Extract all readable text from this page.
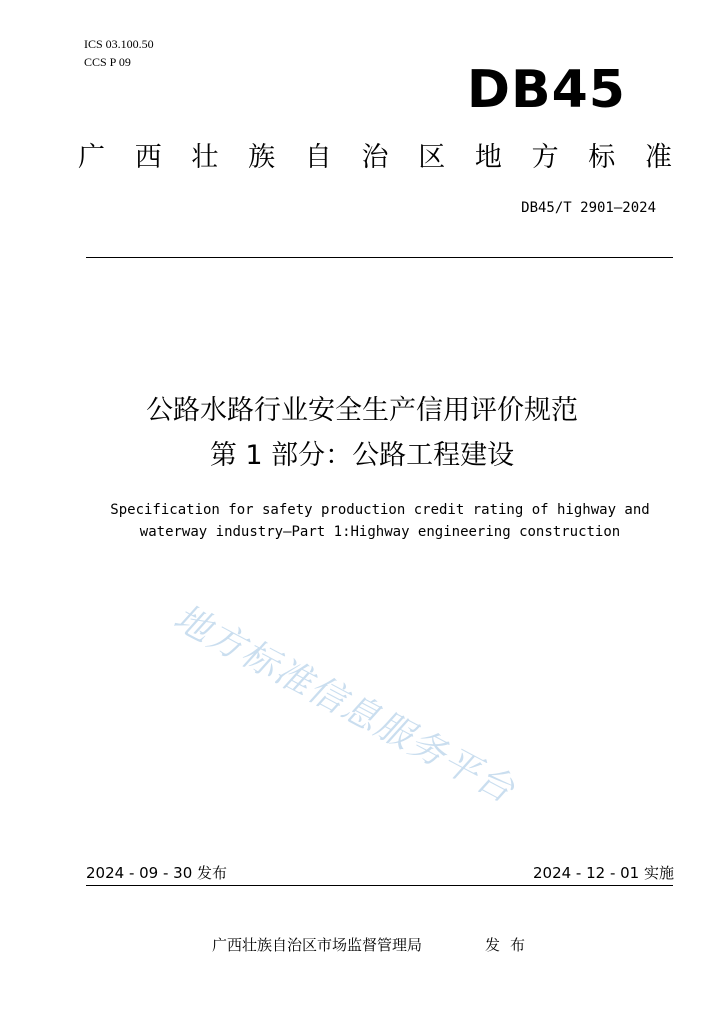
ICS 03.100.50
CCS P 09	DB45
广西壮族自治区地方标准
DB45/T 2901—2024
公路水路行业安全生产信用评价规范
第 1 部分：公路工程建设
Specification for safety production credit rating of highway and
waterway industry—Part 1:Highway engineering construction
地方标准信息服务平台
2024 - 09 - 30 发布	2024 - 12 - 01 实施
广西壮族自治区市场监督管理局	发布
